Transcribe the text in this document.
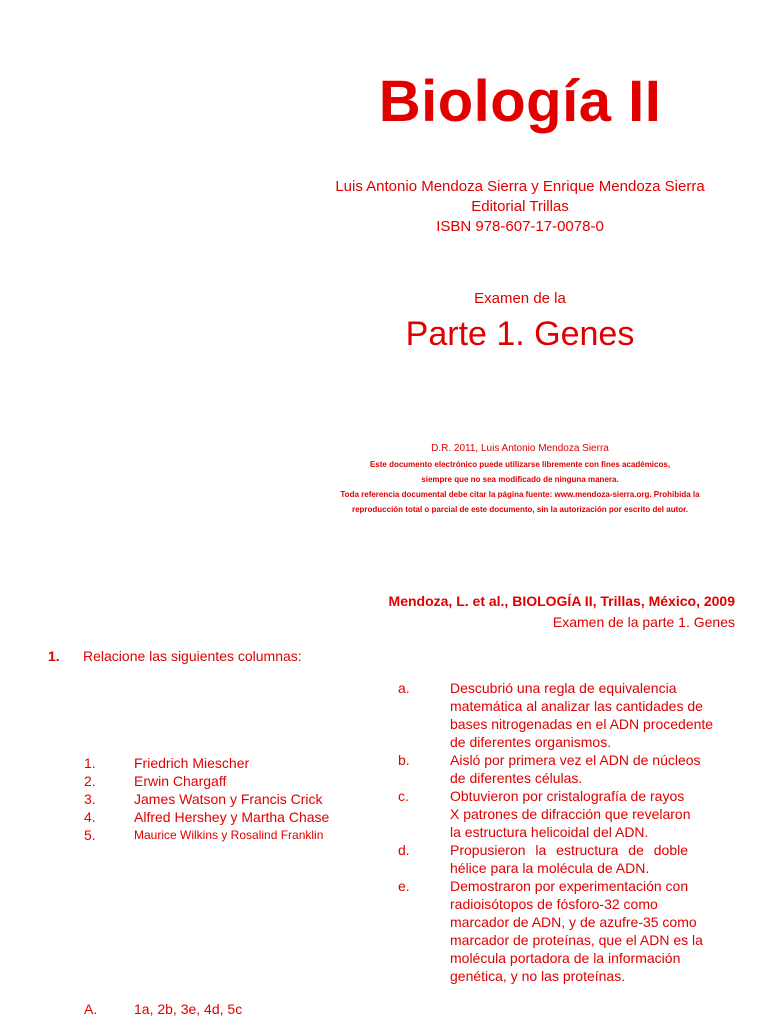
Biología II
Luis Antonio Mendoza Sierra y Enrique Mendoza Sierra
Editorial Trillas
ISBN 978-607-17-0078-0
Examen de la
Parte 1. Genes
D.R. 2011, Luis Antonio Mendoza Sierra
Este documento electrónico puede utilizarse libremente con fines académicos,
siempre que no sea modificado de ninguna manera.
Toda referencia documental debe citar la página fuente: www.mendoza-sierra.org. Prohibida la
reproducción total o parcial de este documento, sin la autorización por escrito del autor.
Mendoza, L. et al., BIOLOGÍA II, Trillas, México, 2009
Examen de la parte 1. Genes
1. Relacione las siguientes columnas:
1.	Friedrich Miescher
2.	Erwin Chargaff
3.	James Watson y Francis Crick
4.	Alfred Hershey y Martha Chase
5.	Maurice Wilkins y Rosalind Franklin
a.	Descubrió una regla de equivalencia
matemática al analizar las cantidades de
bases nitrogenadas en el ADN procedente
de diferentes organismos.
b.	Aisló por primera vez el ADN de núcleos
de diferentes células.
c.	Obtuvieron por cristalografía de rayos
X patrones de difracción que revelaron
la estructura helicoidal del ADN.
d.	Propusieron la estructura de doble
hélice para la molécula de ADN.
e.	Demostraron por experimentación con
radioisótopos de fósforo-32 como
marcador de ADN, y de azufre-35 como
marcador de proteínas, que el ADN es la
molécula portadora de la información
genética, y no las proteínas.
A.	1a, 2b, 3e, 4d, 5c
